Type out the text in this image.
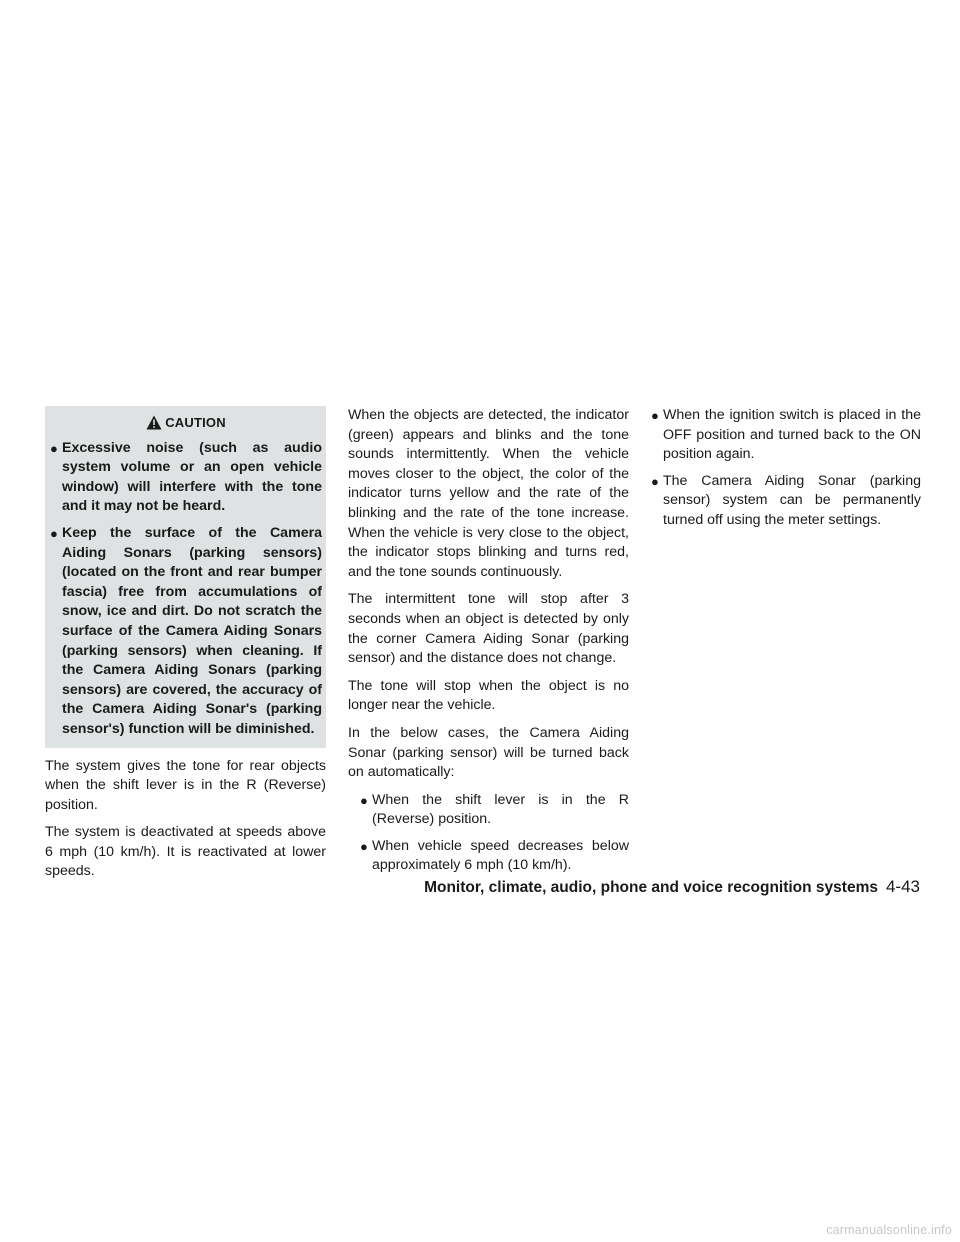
CAUTION
● Excessive noise (such as audio system volume or an open vehicle window) will interfere with the tone and it may not be heard.
● Keep the surface of the Camera Aiding Sonars (parking sensors) (located on the front and rear bumper fascia) free from accumulations of snow, ice and dirt. Do not scratch the surface of the Camera Aiding Sonars (parking sensors) when cleaning. If the Camera Aiding Sonars (parking sensors) are covered, the accuracy of the Camera Aiding Sonar's (parking sensor's) function will be diminished.

The system gives the tone for rear objects when the shift lever is in the R (Reverse) position.

The system is deactivated at speeds above 6 mph (10 km/h). It is reactivated at lower speeds.

When the objects are detected, the indicator (green) appears and blinks and the tone sounds intermittently. When the vehicle moves closer to the object, the color of the indicator turns yellow and the rate of the blinking and the rate of the tone increase. When the vehicle is very close to the object, the indicator stops blinking and turns red, and the tone sounds continuously.

The intermittent tone will stop after 3 seconds when an object is detected by only the corner Camera Aiding Sonar (parking sensor) and the distance does not change.

The tone will stop when the object is no longer near the vehicle.

In the below cases, the Camera Aiding Sonar (parking sensor) will be turned back on automatically:

● When the shift lever is in the R (Reverse) position.
● When vehicle speed decreases below approximately 6 mph (10 km/h).
● When the ignition switch is placed in the OFF position and turned back to the ON position again.
● The Camera Aiding Sonar (parking sensor) system can be permanently turned off using the meter settings.
Monitor, climate, audio, phone and voice recognition systems 4-43
carmanualsonline.info
